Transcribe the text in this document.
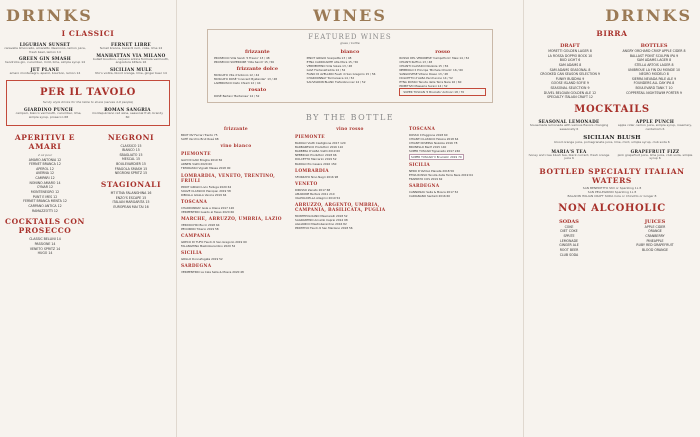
DRINKS
I CLASSICI
LIGURIAN SUNSET
caravella limoncello, amaretto disaronno, lemon juice, fresh basil, lemon 14
GREEN GIN SMASH
hendricks gin, cucumber, mint, lime, simple syrup 14
JET PLANE
amaro montenegro, aperol, bourbon, lemon 14
FERNET LIBRE
fernet branca, bacardi rum, coke, lime 14
MANHATTAN VIA MILANO
bulleit bourbon, carpano antica formula vermouth, angostura bitters 16
SICILIAN MULE
tito's vodka, blood orange, lime, ginger beer 14
PER IL TAVOLO
family style drinks for the table to share (serves 4-6 people)
GIARDINO PUNCH
campari, bianco vermouth, cucumber, lime, simple syrup, prosecco 68
ROMAN SANGRIA
montepulciano red wine, seasonal fruit, brandy 60
APERITIVI E AMARI
2 oz pour
AMARO ANTONIA 12
FERNET BRANCA 12
APEROL 12
AVERNA 12
CAMPARI 12
NONINO AMARO 14
CYNAR 12
MONTENEGRO 12
PUNT E MES 12
FERNET BRANCA MENTA 12
CARPANO ANTICA 12
RAMAZZOTTI 12
COCKTAILS CON PROSECCO
CLASSIC BELLINI 14
PASSIONE 14
VENETO SPRITZ 14
HUGO 14
NEGRONI
CLASSICO 15
BIANCO 15
SBAGLIATO 15
MESCAL 15
BOULEVARDIER 15
FRAGOLA SMASH 15
NEGRONI SPRITZ 15
STAGIONALI
MT ETNA FALANGHINA 16
ENZO'S ESCAPE 15
ITALIAN MARGARITA 15
EUROPEAN MAI TAI 16
WINES
FEATURED WINES
glass / bottle
frizzante
PROSECCO Villa Sandi 'Il Fresco' 13 / 48
PROSECCO SUPERIORE 'Villa Sandi' 15 / 56
frizzante dolce
MOSCATO Vite d'Antonio 12 / 44
MOSCATO ROSÉ 'Innocent Bystander' 13 / 48
LAMBRUSCO Cleto Chiarli 12 / 44
rosato
ROSÉ Bertani 'Bertarose' 14 / 52
bianco
PINOT GRIGIO Scarpetta 13 / 48
ETNA CARRICANTE Alta Mora 15 / 56
VERMENTINO Villa Solais 13 / 48
GAVI Fontanafredda 14 / 52
FIANO DI AVELLINO Feudi di San Gregorio 15 / 56
CHARDONNAY Tormaresca 14 / 52
SAUVIGNON BLANC Tiefenbrunner 14 / 52
rosso
ROSSO DEL VERONESE 'Campofiorin' Masi 14 / 52
CHIANTI Ruffino 13 / 48
CHIANTI CLASSICO Nozzole 15 / 56
NEBBIOLO Il Principe 'Michele Chiarlo' 16 / 60
SANGIOVESE Vitiano Rosso 13 / 48
DOLCETTO d'ALBA Pecchenino 14 / 52
ETNA ROSSO Tenuta delle Terre Nere 16 / 60
PRIMITIVO Masseria Surani 14 / 52
SUPER TUSCAN 'Il Bruciato' Antinori 18 / 70
BY THE BOTTLE
frizzante
BRUT NV Ferrari Trento 75
SATÈ Vecchio Brut Rosé 68
vino bianco
PIEMONTE
GAVI DI GAVI Broglia 2019 56
ARNEIS Vietti 2020 60
TIMORASSO Vigneti Massa 2018 90
LOMBARDIA, VENETO, TRENTINO, FRIULI
PINOT GRIGIO Livio Felluga 2020 62
SOAVE CLASSICO Pieropan 2019 58
RIBOLLA GIALLA Venica 2019 64
TOSCANA
CHARDONNAY Isole e Olena 2017 120
VERMENTINO Guado al Tasso 2020 66
MARCHE, ABRUZZO, UMBRIA, LAZIO
VERDICCHIO Bucci 2018 64
PECORINO Tiberio 2019 58
CAMPANIA
GRECO DI TUFO Feudi di San Gregorio 2019 60
FALANGHINA Mastroberardino 2020 52
SICILIA
GRILLO Donnafugata 2019 52
SARDEGNA
VERMENTINO La Cala Sella & Mosca 2020 48
vino rosso
PIEMONTE
BAROLO Vietti Castiglione 2017 120
BARBARESCO Produttori 2016 110
BARBERA D'ALBA Vietti 2019 60
NEBBIOLO Produttori 2018 66
DOLCETTO Marcarini 2019 52
BAROLO Pio Cesare 2016 150
LOMBARDIA
SFORZATO Nino Negri 2016 98
VENETO
RIPASSO Zenato 2017 68
AMARONE Bertani 2011 210
VALPOLICELLA Allegrini 2019 54
ABRUZZO, ARGENTO, UMBRIA, CAMPANIA, BASILICATA, PUGLIA
MONTEPULCIANO Masciarelli 2018 52
SAGRANTINO Arnaldo Caprai 2014 98
AGLIANICO Mastroberardino 2016 82
PRIMITIVO Feudi di San Marzano 2018 56
TOSCANA
ROSSO Il Poggione 2018 60
CHIANTI CLASSICO Felsina 2018 64
CHIANTI RISERVA Nozzole 2016 78
BRUNELLO Banfi 2015 140
SUPER TUSCAN Tignanello 2017 240
SUPER TUSCAN 'Il Bruciato' 2019 70
SICILIA
NERO D'AVOLA Planeta 2018 56
ETNA ROSSO Tenuta delle Terre Nere 2019 64
FRAPPATO COS 2019 62
SARDEGNA
CANNONAU Sella & Mosca 2017 52
CARIGNANO Santadi 2016 60
DRINKS
BIRRA
DRAFT
MORETTI GOLDEN LAGER 8
LA ROSSA DOPPIO BOCK 10
BUD LIGHT 6
SAM ADAMS 8
SAM ADAMS SEASONAL 8
CROOKED CAN SEASON SELECTION 9
FUNKY BUDDHA 9
GOOSE ISLAND SOFIE 9
SEASONAL SELECTION 9
DUVEL BELGIAN GOLDEN ALE 12
SPECIALTY ITALIAN CRAFT 12
BOTTLES
ANGRY ORCHARD CRISP APPLE CIDER 8
BALLAST POINT SCULPIN IPA 9
SAM ADAMS LAGER 8
STELLA ARTOIS LAGER 8
UNIBROUE LA FIN DU MONDE 10
NEGRO MODELO 8
SIERRA NEVADA PALE ALE 9
FOUNDERS ALL DAY IPA 8
BOULEVARD TANK 7 10
COPPERTAIL NIGHTSWIM PORTER 9
MOCKTAILS
SEASONAL LEMONADE
housemade lemonade with various flavors changing seasonally 6
APPLE PUNCH
apple cider, lemon juice, simple syrup, rosemary, cardamom 6
SICILIAN BLUSH
blood orange juice, pomegranate juice, lime, mint, simple syrup, club soda 6
MARIA'S TEA
honey and rose blush tea, black currant, fresh orange juice 6
GRAPEFRUIT FIZZ
pink grapefruit juice, lime juice, club soda, simple syrup 6
BOTTLED SPECIALTY ITALIAN WATERS
SAN BENEDETTO Still or Sparkling 1L 8
SAN PELLEGRINO Sparkling 1L 8
BALADIN ITALIAN CRAFT SODA Cola or Chinotto or Ginger 8
NON ALCOHOLIC
SODAS
COKE
DIET COKE
SPRITE
LEMONADE
GINGER ALE
ROOT BEER
CLUB SODA
JUICES
APPLE CIDER
ORANGE
CRANBERRY
PINEAPPLE
RUBY RED GRAPEFRUIT
BLOOD ORANGE
